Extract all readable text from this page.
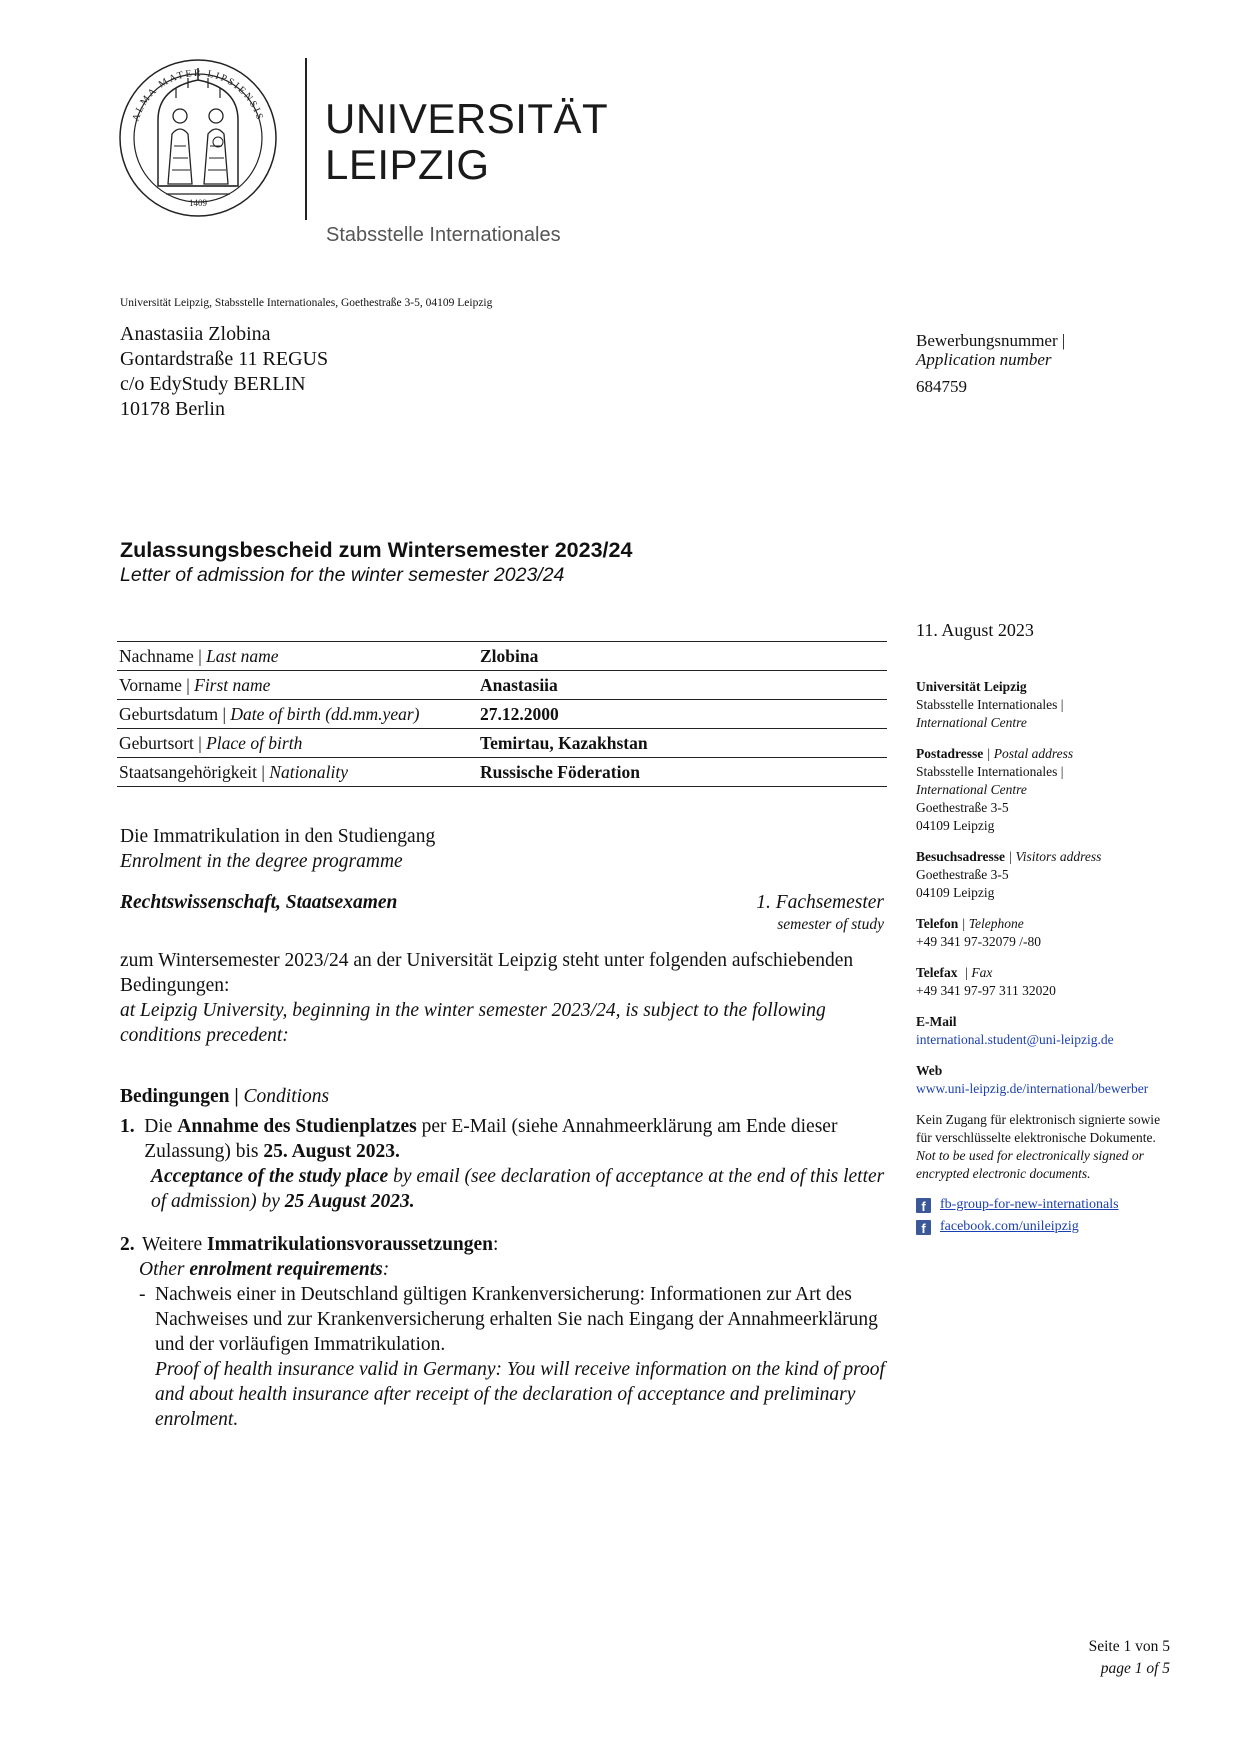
1409
ALMA MATER LIPSIENSIS UNIVERSITÄT
LEIPZIG
Stabsstelle Internationales
Universität Leipzig, Stabsstelle Internationales, Goethestraße 3-5, 04109 Leipzig
Anastasiia Zlobina
Gontardstraße 11 REGUS
c/o EdyStudy BERLIN
10178 Berlin
Bewerbungsnummer |
Application number
684759
Zulassungsbescheid zum Wintersemester 2023/24
Letter of admission for the winter semester 2023/24
11. August 2023
Nachname | Last name	Zlobina
Vorname | First name	Anastasiia
Geburtsdatum | Date of birth (dd.mm.year)	27.12.2000
Geburtsort | Place of birth	Temirtau, Kazakhstan
Staatsangehörigkeit | Nationality	Russische Föderation
Die Immatrikulation in den Studiengang
Enrolment in the degree programme
Rechtswissenschaft, Staatsexamen	1. Fachsemester
semester of study
zum Wintersemester 2023/24 an der Universität Leipzig steht unter folgenden aufschiebenden Bedingungen:
at Leipzig University, beginning in the winter semester 2023/24, is subject to the following conditions precedent:
Bedingungen | Conditions
1. Die Annahme des Studienplatzes per E-Mail (siehe Annahmeerklärung am Ende dieser Zulassung) bis 25. August 2023.
Acceptance of the study place by email (see declaration of acceptance at the end of this letter of admission) by 25 August 2023.
2. Weitere Immatrikulationsvoraussetzungen:
Other enrolment requirements:
- Nachweis einer in Deutschland gültigen Krankenversicherung: Informationen zur Art des Nachweises und zur Krankenversicherung erhalten Sie nach Eingang der Annahmeerklärung und der vorläufigen Immatrikulation.
Proof of health insurance valid in Germany: You will receive information on the kind of proof and about health insurance after receipt of the declaration of acceptance and preliminary enrolment.
Universität Leipzig
Stabsstelle Internationales |
International Centre
Postadresse | Postal address
Stabsstelle Internationales |
International Centre
Goethestraße 3-5
04109 Leipzig
Besuchsadresse | Visitors address
Goethestraße 3-5
04109 Leipzig
Telefon | Telephone
+49 341 97-32079 /-80
Telefax  | Fax
+49 341 97-97 311 32020
E-Mail
international.student@uni-leipzig.de
Web
www.uni-leipzig.de/international/bewerber
Kein Zugang für elektronisch signierte sowie für verschlüsselte elektronische Dokumente.
Not to be used for electronically signed or encrypted electronic documents.
f	fb-group-for-new-internationals
f	facebook.com/unileipzig
Seite 1 von 5
page 1 of 5
